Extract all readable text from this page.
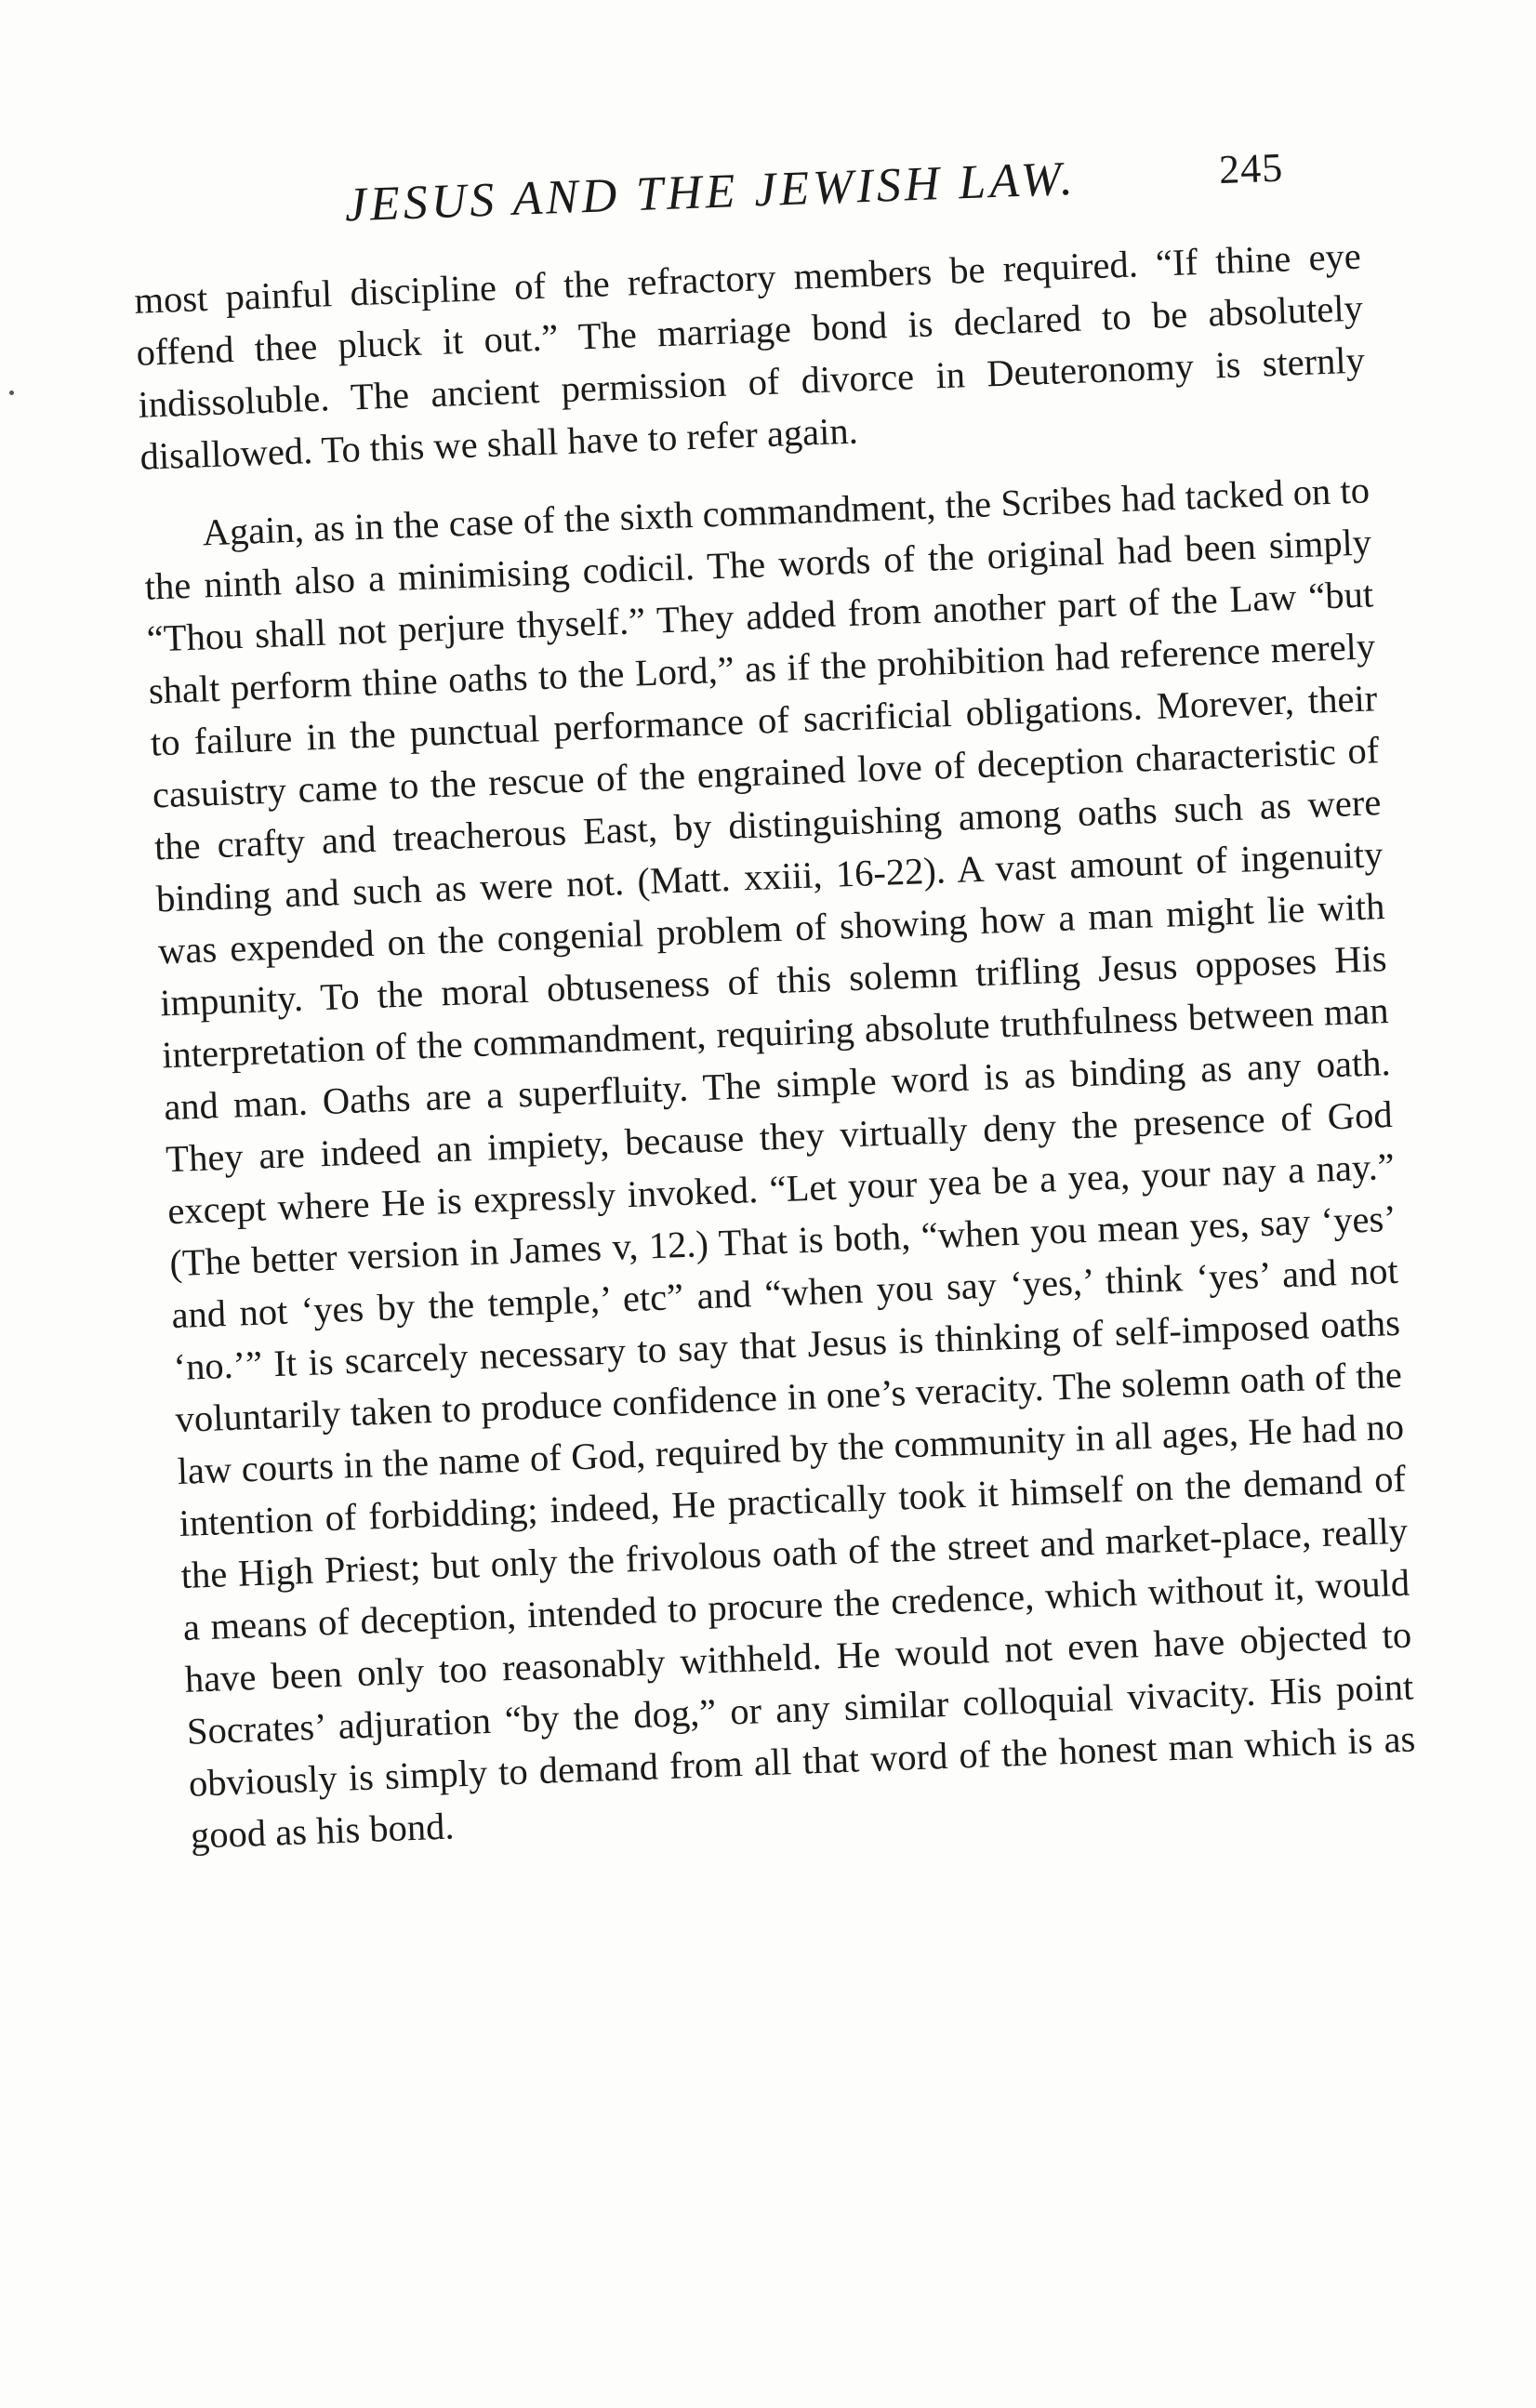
JESUS AND THE JEWISH LAW.	245

most painful discipline of the refractory members be required. “If thine eye offend thee pluck it out.” The marriage bond is declared to be absolutely indissoluble. The ancient permission of divorce in Deuteronomy is sternly disallowed. To this we shall have to refer again.

Again, as in the case of the sixth commandment, the Scribes had tacked on to the ninth also a minimising codicil. The words of the original had been simply “Thou shall not perjure thyself.” They added from another part of the Law “but shalt perform thine oaths to the Lord,” as if the prohibition had reference merely to failure in the punctual performance of sacrificial obligations. Morever, their casuistry came to the rescue of the engrained love of deception characteristic of the crafty and treacherous East, by distinguishing among oaths such as were binding and such as were not. (Matt. xxiii, 16-22). A vast amount of ingenuity was expended on the congenial problem of showing how a man might lie with impunity. To the moral obtuseness of this solemn trifling Jesus opposes His interpretation of the commandment, requiring absolute truthfulness between man and man. Oaths are a superfluity. The simple word is as binding as any oath. They are indeed an impiety, because they virtually deny the presence of God except where He is expressly invoked. “Let your yea be a yea, your nay a nay.” (The better version in James v, 12.) That is both, “when you mean yes, say ‘yes’ and not ‘yes by the temple,’ etc” and “when you say ‘yes,’ think ‘yes’ and not ‘no.’” It is scarcely necessary to say that Jesus is thinking of self-imposed oaths voluntarily taken to produce confidence in one’s veracity. The solemn oath of the law courts in the name of God, required by the community in all ages, He had no intention of forbidding; indeed, He practically took it himself on the demand of the High Priest; but only the frivolous oath of the street and market-place, really a means of deception, intended to procure the credence, which without it, would have been only too reasonably withheld. He would not even have objected to Socrates’ adjuration “by the dog,” or any similar colloquial vivacity. His point obviously is simply to demand from all that word of the honest man which is as good as his bond.
